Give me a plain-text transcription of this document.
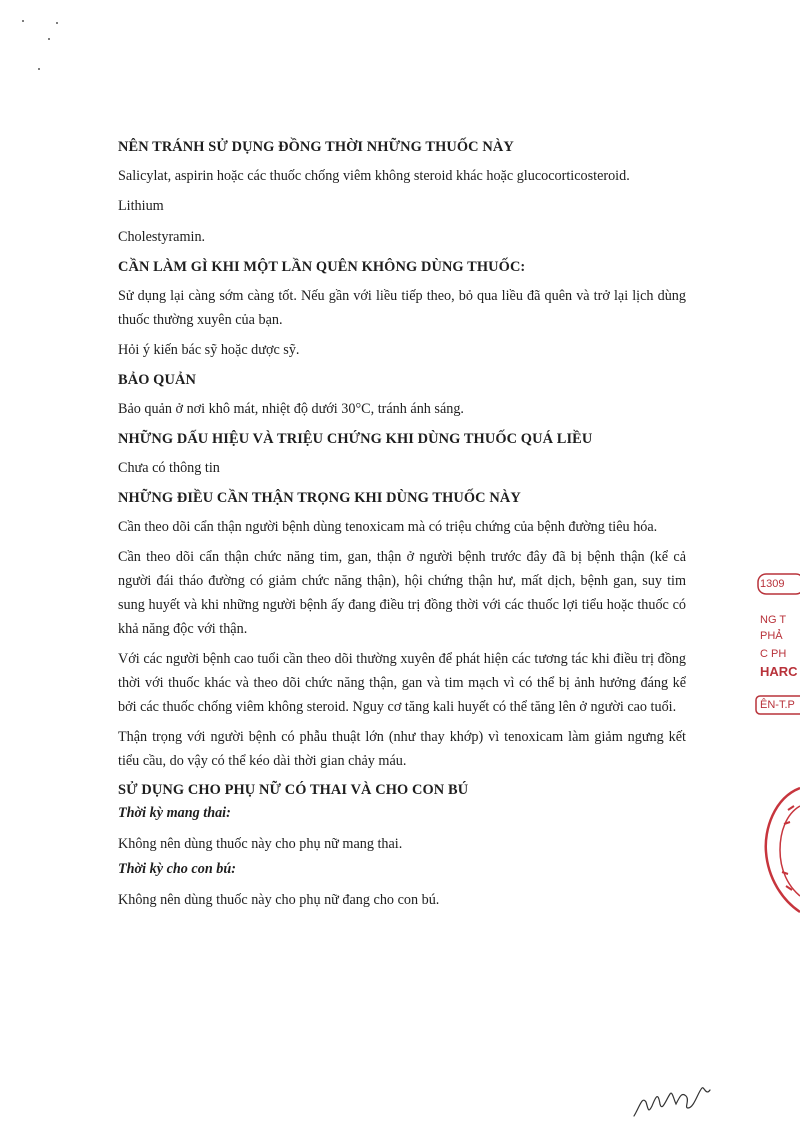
NÊN TRÁNH SỬ DỤNG ĐỒNG THỜI NHỮNG THUỐC NÀY

Salicylat, aspirin hoặc các thuốc chống viêm không steroid khác hoặc glucocorticosteroid.

Lithium

Cholestyramin.

CẦN LÀM GÌ KHI MỘT LẦN QUÊN KHÔNG DÙNG THUỐC:

Sử dụng lại càng sớm càng tốt. Nếu gần với liều tiếp theo, bỏ qua liều đã quên và trở lại lịch dùng thuốc thường xuyên của bạn.

Hỏi ý kiến bác sỹ hoặc dược sỹ.

BẢO QUẢN

Bảo quản ở nơi khô mát, nhiệt độ dưới 30°C, tránh ánh sáng.

NHỮNG DẤU HIỆU VÀ TRIỆU CHỨNG KHI DÙNG THUỐC QUÁ LIỀU

Chưa có thông tin

NHỮNG ĐIỀU CẦN THẬN TRỌNG KHI DÙNG THUỐC NÀY

Cần theo dõi cẩn thận người bệnh dùng tenoxicam mà có triệu chứng của bệnh đường tiêu hóa.

Cần theo dõi cẩn thận chức năng tim, gan, thận ở người bệnh trước đây đã bị bệnh thận (kể cả người đái tháo đường có giảm chức năng thận), hội chứng thận hư, mất dịch, bệnh gan, suy tim sung huyết và khi những người bệnh ấy đang điều trị đồng thời với các thuốc lợi tiểu hoặc thuốc có khả năng độc với thận.

Với các người bệnh cao tuổi cần theo dõi thường xuyên để phát hiện các tương tác khi điều trị đồng thời với thuốc khác và theo dõi chức năng thận, gan và tim mạch vì có thể bị ảnh hưởng đáng kể bởi các thuốc chống viêm không steroid. Nguy cơ tăng kali huyết có thể tăng lên ở người cao tuổi.

Thận trọng với người bệnh có phẫu thuật lớn (như thay khớp) vì tenoxicam làm giảm ngưng kết tiểu cầu, do vậy có thể kéo dài thời gian chảy máu.

SỬ DỤNG CHO PHỤ NỮ CÓ THAI VÀ CHO CON BÚ

Thời kỳ mang thai:

Không nên dùng thuốc này cho phụ nữ mang thai.

Thời kỳ cho con bú:

Không nên dùng thuốc này cho phụ nữ đang cho con bú.

1309
NG T
PHẢ
C PH
HARC
ÊN-T.P
